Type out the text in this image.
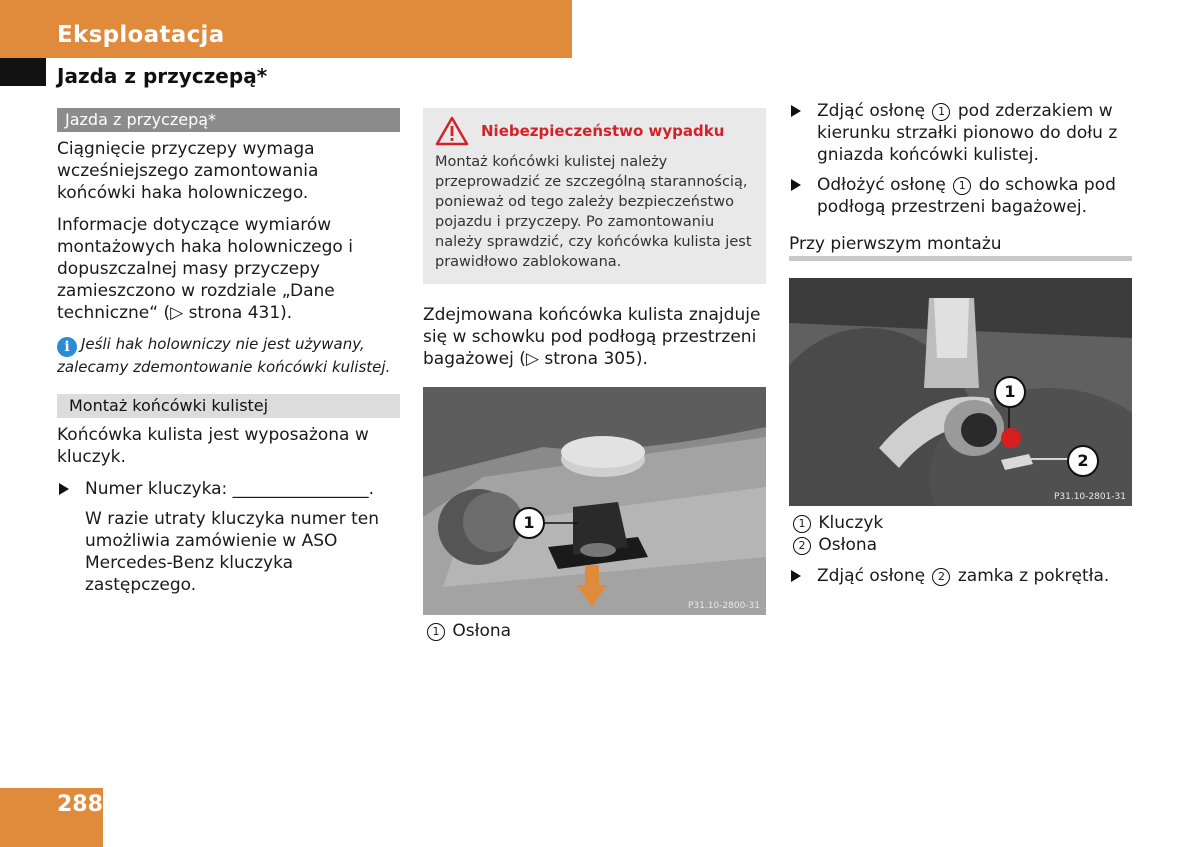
Eksploatacja
Jazda z przyczepą*
Jazda z przyczepą*

Ciągnięcie przyczepy wymaga wcześniejszego zamontowania końcówki haka holowniczego.

Informacje dotyczące wymiarów montażowych haka holowniczego i dopuszczalnej masy przyczepy zamieszczono w rozdziale „Dane techniczne“ (▷ strona 431).

i Jeśli hak holowniczy nie jest używany, zalecamy zdemontowanie końcówki kulistej.

Montaż końcówki kulistej

Końcówka kulista jest wyposażona w kluczyk.

Numer kluczyka: ________________.

W razie utraty kluczyka numer ten umożliwia zamówienie w ASO Mercedes-Benz kluczyka zastępczego.

Niebezpieczeństwo wypadku
Montaż końcówki kulistej należy przeprowadzić ze szczególną starannością, ponieważ od tego zależy bezpieczeństwo pojazdu i przyczepy. Po zamontowaniu należy sprawdzić, czy końcówka kulista jest prawidłowo zablokowana.

Zdejmowana końcówka kulista znajduje się w schowku pod podłogą przestrzeni bagażowej (▷ strona 305).

1
P31.10-2800-31
1 Osłona
Zdjąć osłonę 1 pod zderzakiem w kierunku strzałki pionowo do dołu z gniazda końcówki kulistej.
Odłożyć osłonę 1 do schowka pod podłogą przestrzeni bagażowej.
Przy pierwszym montażu
1
2
P31.10-2801-31
1 Kluczyk
2 Osłona
Zdjąć osłonę 2 zamka z pokrętła.
288
